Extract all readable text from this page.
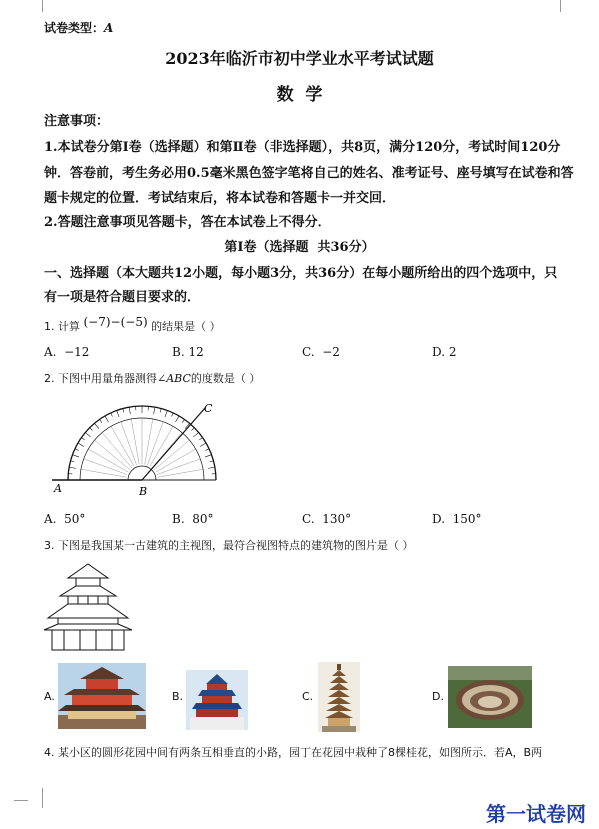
试卷类型：A
2023年临沂市初中学业水平考试试题
数  学
注意事项：
1.本试卷分第Ⅰ卷（选择题）和第Ⅱ卷（非选择题），共8页，满分120分，考试时间120分
钟．答卷前，考生务必用0.5毫米黑色签字笔将自己的姓名、准考证号、座号填写在试卷和答
题卡规定的位置．考试结束后，将本试卷和答题卡一并交回．
2.答题注意事项见答题卡，答在本试卷上不得分．
第Ⅰ卷（选择题  共36分）
一、选择题（本大题共12小题，每小题3分，共36分）在每小题所给出的四个选项中，只
有一项是符合题目要求的．
1. 计算 (−7)−(−5) 的结果是（ ）
A.  −12	B. 12	C.  −2	D. 2
2. 下图中用量角器测得∠ABC的度数是（ ）
A	B
C
A.  50°	B.  80°	C.  130°	D.  150°
3. 下图是我国某一古建筑的主视图，最符合视图特点的建筑物的图片是（ ）
A.	B.	C.	D.
4. 某小区的圆形花园中间有两条互相垂直的小路，园丁在花园中栽种了8棵桂花，如图所示．若A，B两
第一试卷网
